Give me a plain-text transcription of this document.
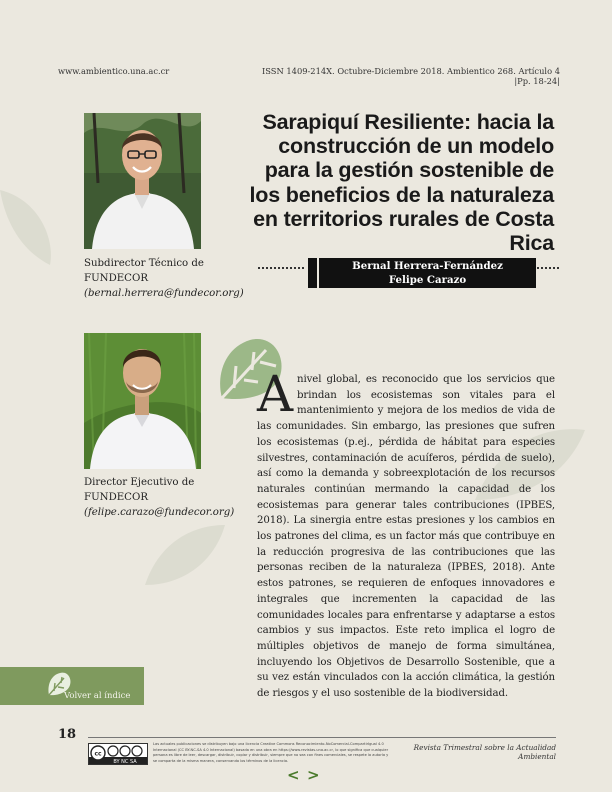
www.ambientico.una.ac.cr	ISSN 1409-214X. Octubre-Diciembre 2018. Ambientico 268. Artículo 4 |Pp. 18-24|
Subdirector Técnico de FUNDECOR (bernal.herrera@fundecor.org)
Director Ejecutivo de FUNDECOR (felipe.carazo@fundecor.org)
Sarapiquí Resiliente: hacia la construcción de un modelo para la gestión sostenible de los beneficios de la naturaleza en territorios rurales de Costa Rica
Bernal Herrera-Fernández
Felipe Carazo
A nivel global, es reconocido que los servicios que brindan los ecosistemas son vitales para el mantenimiento y mejora de los medios de vida de las comunidades. Sin embargo, las presiones que sufren los ecosistemas (p.ej., pérdida de hábitat para especies silvestres, contaminación de acuíferos, pérdida de suelo), así como la demanda y sobreexplotación de los recursos naturales continúan mermando la capacidad de los ecosistemas para generar tales contribuciones (IPBES, 2018). La sinergia entre estas presiones y los cambios en los patrones del clima, es un factor más que contribuye en la reducción progresiva de las contribuciones que las personas reciben de la naturaleza (IPBES, 2018). Ante estos patrones, se requieren de enfoques innovadores e integrales que incrementen la capacidad de las comunidades locales para enfrentarse y adaptarse a estos cambios y sus impactos. Este reto implica el logro de múltiples objetivos de manejo de forma simultánea, incluyendo los Objetivos de Desarrollo Sostenible, que a su vez están vinculados con la acción climática, la gestión de riesgos y el uso sostenible de la biodiversidad.
Volver al índice
18
cc
BY NC SA
Las actuales publicaciones se distribuyen bajo una licencia Creative Commons Reconocimiento-NoComercial-CompartirIgual 4.0 Internacional (CC BY-NC-SA 4.0 Internacional) basada en una obra en https://www.revistas.una.ac.cr, lo que significa que cualquier persona es libre de leer, descargar, distribuir, copiar y distribuir, siempre que no sea con fines comerciales, se respete la autoría y se comparta de la misma manera, conservando los términos de la licencia.
Revista Trimestral sobre la Actualidad Ambiental
< >
